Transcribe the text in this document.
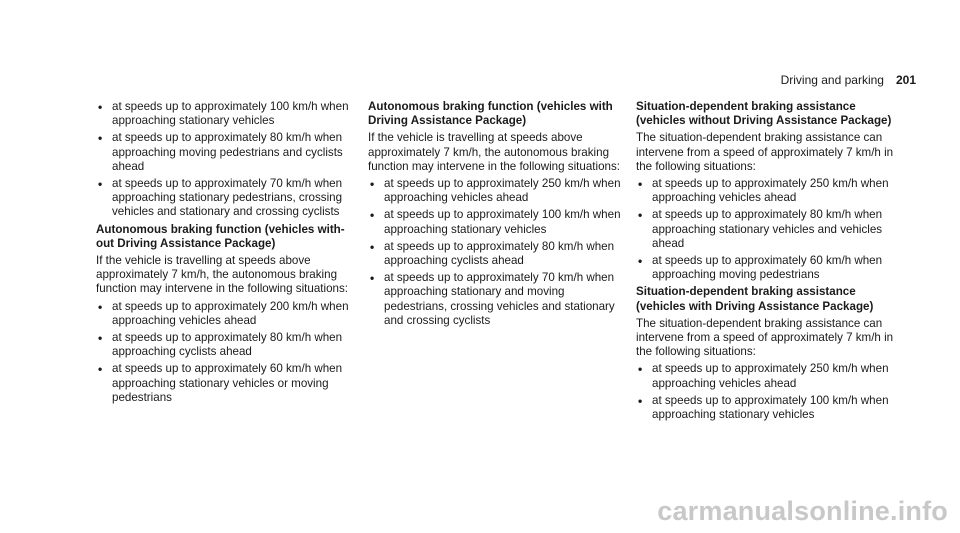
Driving and parking 201
• at speeds up to approximately 100 km/h when approaching stationary vehicles
• at speeds up to approximately 80 km/h when approaching moving pedestrians and cyclists ahead
• at speeds up to approximately 70 km/h when approaching stationary pedestrians, crossing vehicles and stationary and crossing cyclists
Autonomous braking function (vehicles without Driving Assistance Package)
If the vehicle is travelling at speeds above approximately 7 km/h, the autonomous braking function may intervene in the following situations:
• at speeds up to approximately 200 km/h when approaching vehicles ahead
• at speeds up to approximately 80 km/h when approaching cyclists ahead
• at speeds up to approximately 60 km/h when approaching stationary vehicles or moving pedestrians
Autonomous braking function (vehicles with Driving Assistance Package)
If the vehicle is travelling at speeds above approximately 7 km/h, the autonomous braking function may intervene in the following situations:
• at speeds up to approximately 250 km/h when approaching vehicles ahead
• at speeds up to approximately 100 km/h when approaching stationary vehicles
• at speeds up to approximately 80 km/h when approaching cyclists ahead
• at speeds up to approximately 70 km/h when approaching stationary and moving pedestrians, crossing vehicles and stationary and crossing cyclists
Situation-dependent braking assistance (vehicles without Driving Assistance Package)
The situation-dependent braking assistance can intervene from a speed of approximately 7 km/h in the following situations:
• at speeds up to approximately 250 km/h when approaching vehicles ahead
• at speeds up to approximately 80 km/h when approaching stationary vehicles and vehicles ahead
• at speeds up to approximately 60 km/h when approaching moving pedestrians
Situation-dependent braking assistance (vehicles with Driving Assistance Package)
The situation-dependent braking assistance can intervene from a speed of approximately 7 km/h in the following situations:
• at speeds up to approximately 250 km/h when approaching vehicles ahead
• at speeds up to approximately 100 km/h when approaching stationary vehicles
carmanualsonline.info
